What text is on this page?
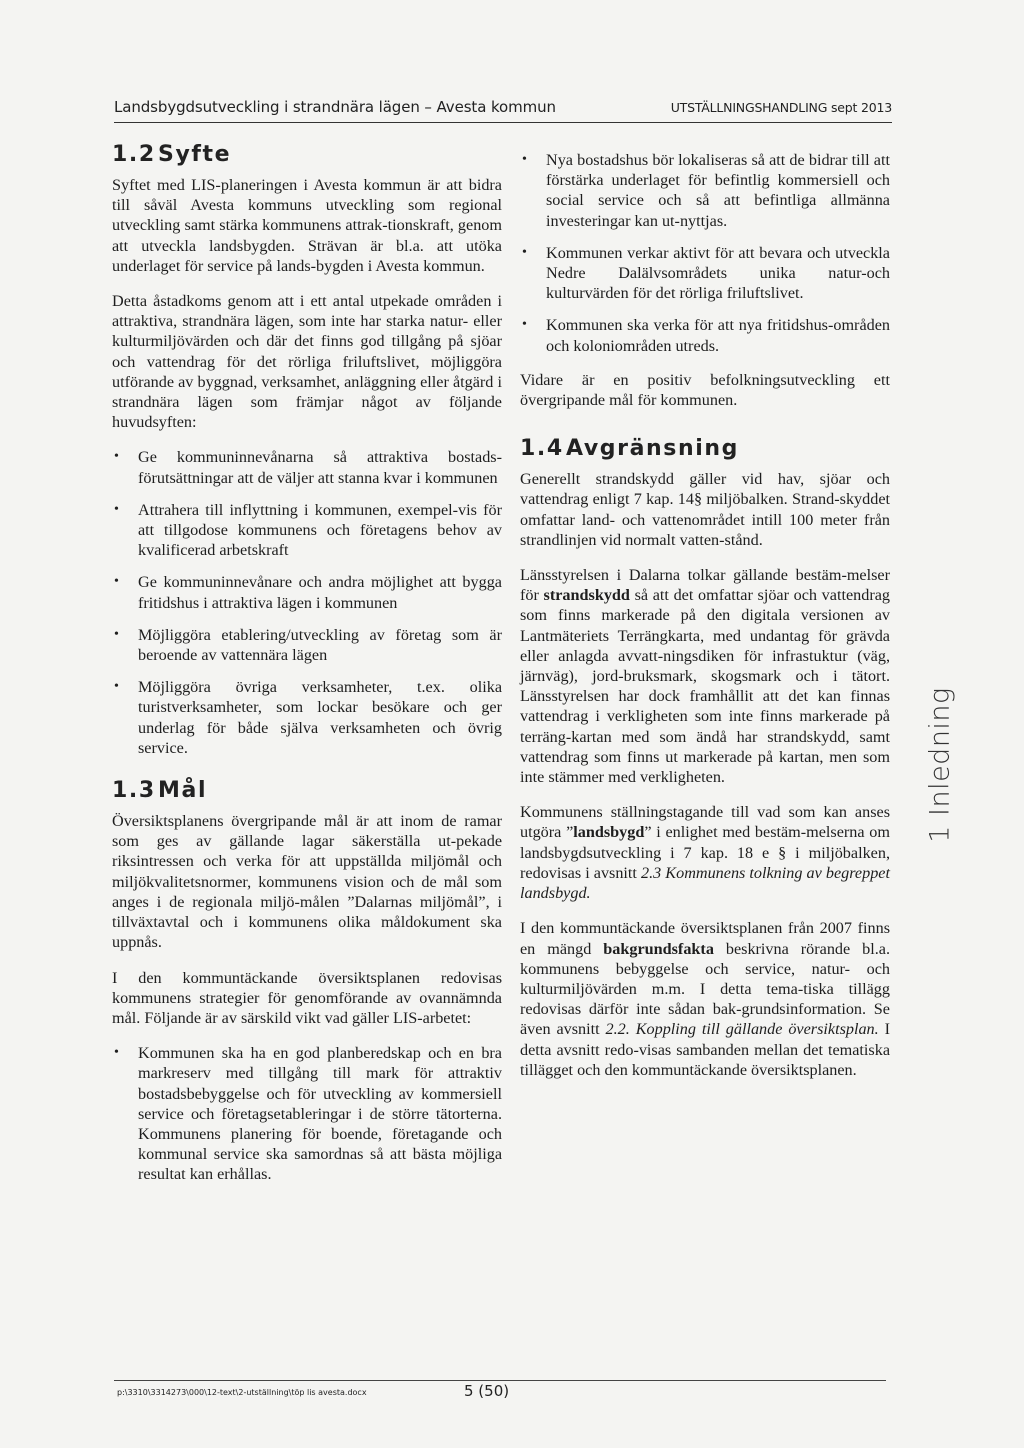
Landsbygdsutveckling i strandnära lägen – Avesta kommun	UTSTÄLLNINGSHANDLING sept 2013
1.2 Syfte

Syftet med LIS-planeringen i Avesta kommun är att bidra till såväl Avesta kommuns utveckling som regional utveckling samt stärka kommunens attrak-tionskraft, genom att utveckla landsbygden. Strävan är bl.a. att utöka underlaget för service på lands-bygden i Avesta kommun.

Detta åstadkoms genom att i ett antal utpekade områden i attraktiva, strandnära lägen, som inte har starka natur- eller kulturmiljövärden och där det finns god tillgång på sjöar och vattendrag för det rörliga friluftslivet, möjliggöra utförande av byggnad, verksamhet, anläggning eller åtgärd i strandnära lägen som främjar något av följande huvudsyften:

• Ge kommuninnevånarna så attraktiva bostads-förutsättningar att de väljer att stanna kvar i kommunen
• Attrahera till inflyttning i kommunen, exempel-vis för att tillgodose kommunens och företagens behov av kvalificerad arbetskraft
• Ge kommuninnevånare och andra möjlighet att bygga fritidshus i attraktiva lägen i kommunen
• Möjliggöra etablering/utveckling av företag som är beroende av vattennära lägen
• Möjliggöra övriga verksamheter, t.ex. olika turistverksamheter, som lockar besökare och ger underlag för både själva verksamheten och övrig service.
1.3 Mål

Översiktsplanens övergripande mål är att inom de ramar som ges av gällande lagar säkerställa ut-pekade riksintressen och verka för att uppställda miljömål och miljökvalitetsnormer, kommunens vision och de mål som anges i de regionala miljö-målen ”Dalarnas miljömål”, i tillväxtavtal och i kommunens olika måldokument ska uppnås.

I den kommuntäckande översiktsplanen redovisas kommunens strategier för genomförande av ovannämnda mål. Följande är av särskild vikt vad gäller LIS-arbetet:

• Kommunen ska ha en god planberedskap och en bra markreserv med tillgång till mark för attraktiv bostadsbebyggelse och för utveckling av kommersiell service och företagsetableringar i de större tätorterna. Kommunens planering för boende, företagande och kommunal service ska samordnas så att bästa möjliga resultat kan erhållas.
• Nya bostadshus bör lokaliseras så att de bidrar till att förstärka underlaget för befintlig kommersiell och social service och så att befintliga allmänna investeringar kan ut-nyttjas.
• Kommunen verkar aktivt för att bevara och utveckla Nedre Dalälvsområdets unika natur-och kulturvärden för det rörliga friluftslivet.
• Kommunen ska verka för att nya fritidshus-områden och koloniområden utreds.

Vidare är en positiv befolkningsutveckling ett övergripande mål för kommunen.

1.4 Avgränsning

Generellt strandskydd gäller vid hav, sjöar och vattendrag enligt 7 kap. 14§ miljöbalken. Strand-skyddet omfattar land- och vattenområdet intill 100 meter från strandlinjen vid normalt vatten-stånd.

Länsstyrelsen i Dalarna tolkar gällande bestäm-melser för strandskydd så att det omfattar sjöar och vattendrag som finns markerade på den digitala versionen av Lantmäteriets Terrängkarta, med undantag för grävda eller anlagda avvatt-ningsdiken för infrastuktur (väg, järnväg), jord-bruksmark, skogsmark och i tätort. Länsstyrelsen har dock framhållit att det kan finnas vattendrag i verkligheten som inte finns markerade på terräng-kartan med som ändå har strandskydd, samt vattendrag som finns ut markerade på kartan, men som inte stämmer med verkligheten.

Kommunens ställningstagande till vad som kan anses utgöra ”landsbygd” i enlighet med bestäm-melserna om landsbygdsutveckling i 7 kap. 18 e § i miljöbalken, redovisas i avsnitt 2.3 Kommunens tolkning av begreppet landsbygd.

I den kommuntäckande översiktsplanen från 2007 finns en mängd bakgrundsfakta beskrivna rörande bl.a. kommunens bebyggelse och service, natur- och kulturmiljövärden m.m. I detta tema-tiska tillägg redovisas därför inte sådan bak-grundsinformation. Se även avsnitt 2.2. Koppling till gällande översiktsplan. I detta avsnitt redo-visas sambanden mellan det tematiska tillägget och den kommuntäckande översiktsplanen.

1 Inledning
p:\3310\3314273\000\12-text\2-utställning\töp lis avesta.docx	5 (50)
